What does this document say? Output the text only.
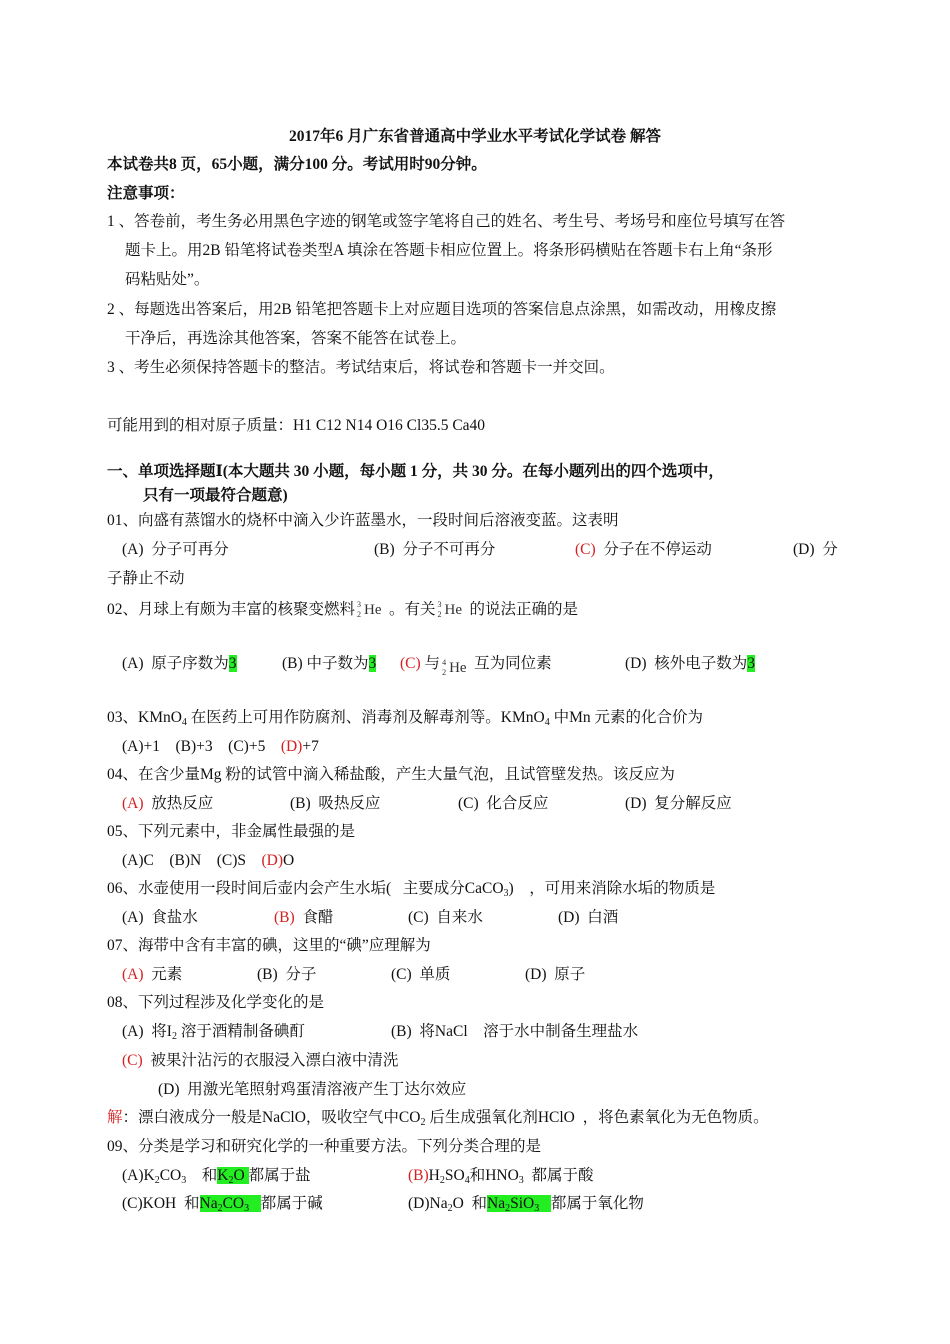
2017年6 月广东省普通高中学业水平考试化学试卷 解答
本试卷共8 页，65小题，满分100 分。考试用时90分钟。
注意事项：
1 、答卷前，考生务必用黑色字迹的钢笔或签字笔将自己的姓名、考生号、考场号和座位号填写在答
题卡上。用2B 铅笔将试卷类型A 填涂在答题卡相应位置上。将条形码横贴在答题卡右上角“条形
码粘贴处”。
2 、每题选出答案后，用2B 铅笔把答题卡上对应题目选项的答案信息点涂黑，如需改动，用橡皮擦
干净后，再选涂其他答案，答案不能答在试卷上。
3 、考生必须保持答题卡的整洁。考试结束后，将试卷和答题卡一并交回。
可能用到的相对原子质量：H1 C12 N14 O16 Cl35.5 Ca40
一、单项选择题Ⅰ(本大题共 30 小题，每小题 1 分，共 30 分。在每小题列出的四个选项中，
只有一项最符合题意)
01、向盛有蒸馏水的烧杯中滴入少许蓝墨水，一段时间后溶液变蓝。这表明
(A) 分子可再分	(B) 分子不可再分	(C) 分子在不停运动	(D) 分
子静止不动
02、月球上有颇为丰富的核聚变燃料 3
2 He 。有关 3
2 He 的说法正确的是
(A) 原子序数为3	(B) 中子数为3 (C) 与 4
2 He 互为同位素	(D) 核外电子数为3
03、KMnO$_4$ 在医药上可用作防腐剂、消毒剂及解毒剂等。KMnO$_4$ 中Mn 元素的化合价为
(A)+1    (B)+3    (C)+5    (D)+7
04、在含少量Mg 粉的试管中滴入稀盐酸，产生大量气泡，且试管壁发热。该反应为
(A) 放热反应	(B) 吸热反应	(C) 化合反应	(D) 复分解反应
05、下列元素中，非金属性最强的是
(A)C    (B)N    (C)S    (D)O
06、水壶使用一段时间后壶内会产生水垢(   主要成分CaCO$_3$)    ，可用来消除水垢的物质是
(A) 食盐水	(B) 食醋	(C) 自来水	(D) 白酒
07、海带中含有丰富的碘，这里的“碘”应理解为
(A) 元素	(B) 分子	(C) 单质	(D) 原子
08、下列过程涉及化学变化的是
(A) 将$I_2$ 溶于酒精制备碘酊	(B) 将NaCl    溶于水中制备生理盐水
(C) 被果汁沾污的衣服浸入漂白液中清洗
(D) 用激光笔照射鸡蛋清溶液产生丁达尔效应
解：漂白液成分一般是NaClO，吸收空气中$CO_2$ 后生成强氧化剂HClO  ，将色素氧化为无色物质。
09、分类是学习和研究化学的一种重要方法。下列分类合理的是
$(A)K_2CO_3$    和$K_2O$ 都属于盐	$(B)H_2SO_4$和$HNO_3$  都属于酸
(C)KOH  和$Na_2CO_3$ 都属于碱	$(D)Na_2O$  和$Na_2SiO_3$ 都属于氧化物
